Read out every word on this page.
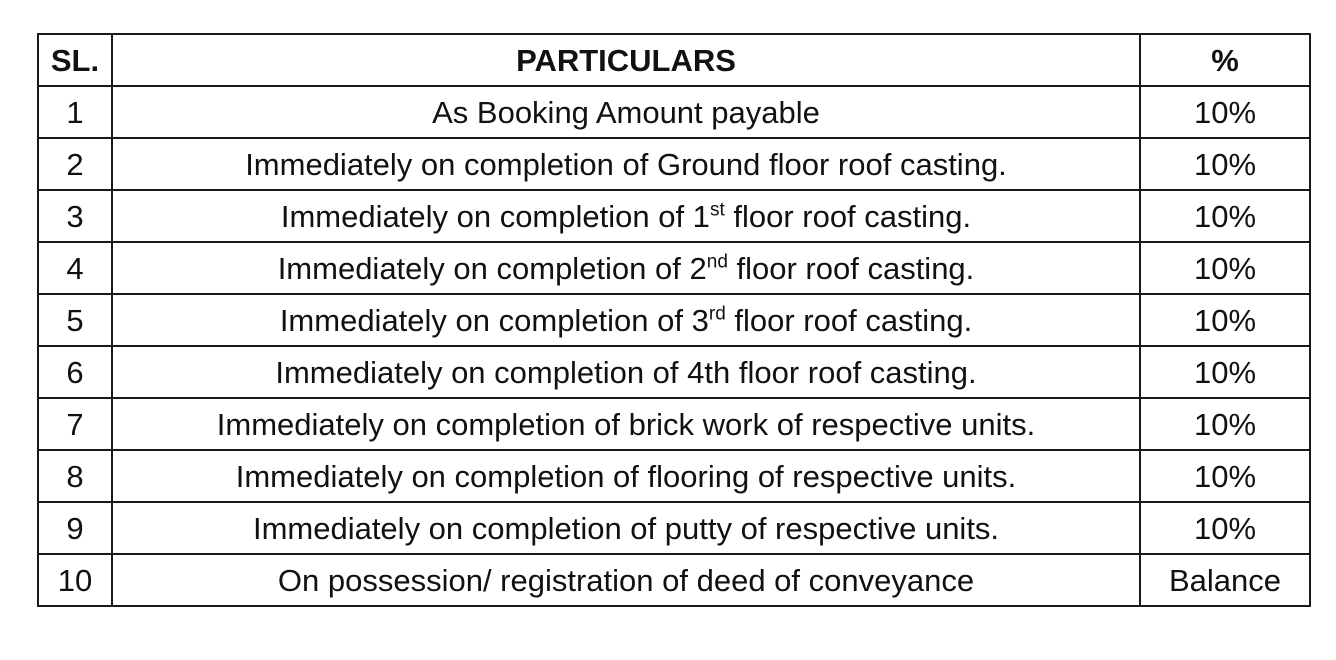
SL.	PARTICULARS	%
1	As Booking Amount payable	10%
2	Immediately on completion of Ground floor roof casting.	10%
3	Immediately on completion of 1st floor roof casting.	10%
4	Immediately on completion of 2nd floor roof casting.	10%
5	Immediately on completion of 3rd floor roof casting.	10%
6	Immediately on completion of 4th floor roof casting.	10%
7	Immediately on completion of brick work of respective units.	10%
8	Immediately on completion of flooring of respective units.	10%
9	Immediately on completion of putty of respective units.	10%
10	On possession/ registration of deed of conveyance	Balance
